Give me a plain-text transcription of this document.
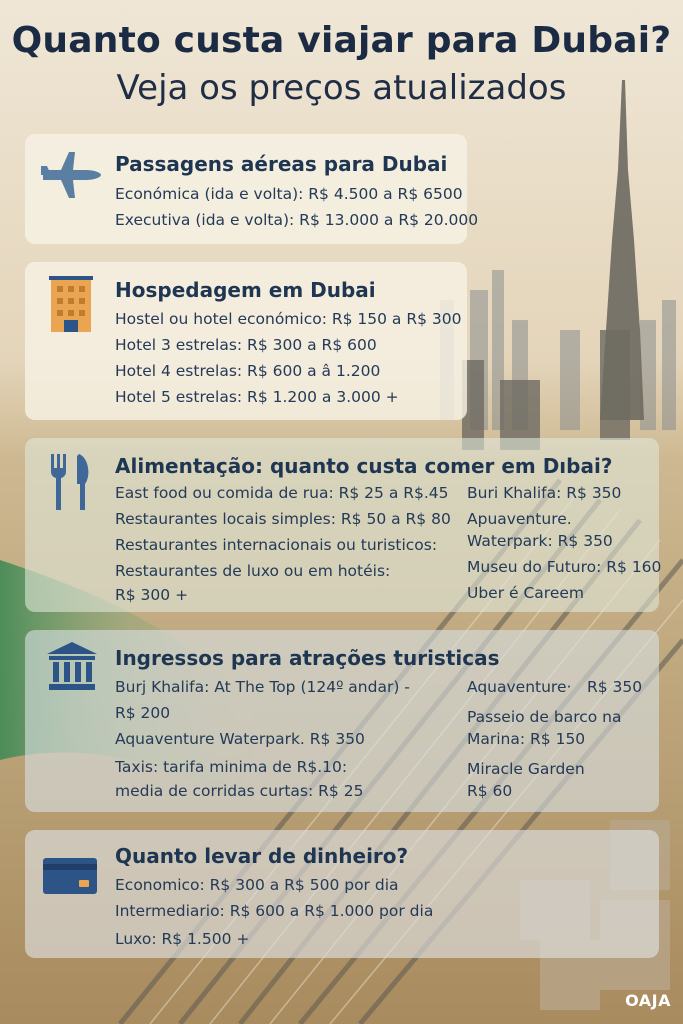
Quanto custa viajar para Dubai?
Veja os preços atualizados
Passagens aéreas para Dubai
Económica (ida e volta): R$ 4.500 a R$ 6500
Executiva (ida e volta): R$ 13.000 a R$ 20.000
Hospedagem em Dubai
Hostel ou hotel económico: R$ 150 a R$ 300
Hotel 3 estrelas: R$ 300 a R$ 600
Hotel 4 estrelas: R$ 600 a â 1.200
Hotel 5 estrelas: R$ 1.200 a 3.000 +
Alimentação: quanto custa comer em Dıbai?
East food ou comida de rua: R$ 25 a R$.45
Restaurantes locais simples: R$ 50 a R$ 80
Restaurantes internacionais ou turisticos:
Restaurantes de luxo ou em hotéis:
R$ 300 +
Buri Khalifa: R$ 350
Apuaventure.
Waterpark: R$ 350
Museu do Futuro: R$ 160
Uber é Careem
Ingressos para atrações turisticas
Burj Khalifa: At The Top (124º andar) -
R$ 200
Aquaventure Waterpark. R$ 350
Taxis: tarifa minima de R$.10:
media de corridas curtas: R$ 25
Aquaventure· R$ 350
Passeio de barco na
Marina: R$ 150
Miracle Garden
R$ 60
Quanto levar de dinheiro?
Economico: R$ 300 a R$ 500 por dia
Intermediario: R$ 600 a R$ 1.000 por dia
Luxo: R$ 1.500 +
OAJA
